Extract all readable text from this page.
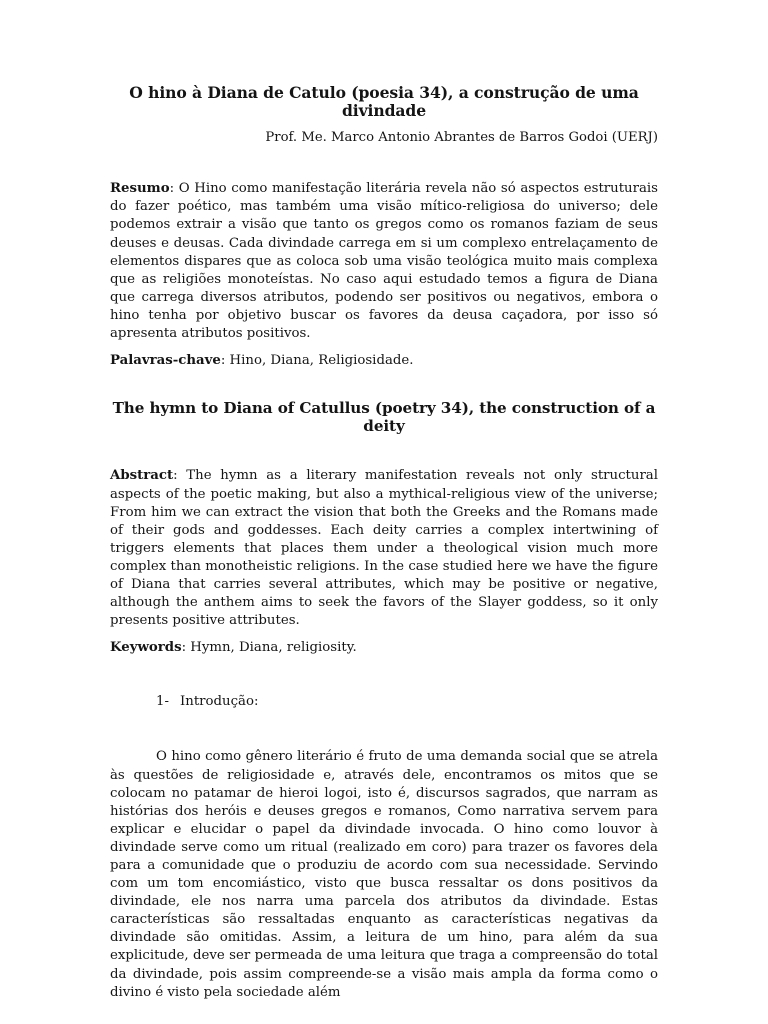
O hino à Diana de Catulo (poesia 34), a construção de uma divindade
Prof. Me. Marco Antonio Abrantes de Barros Godoi (UERJ)

Resumo: O Hino como manifestação literária revela não só aspectos estruturais do fazer poético, mas também uma visão mítico-religiosa do universo; dele podemos extrair a visão que tanto os gregos como os romanos faziam de seus deuses e deusas. Cada divindade carrega em si um complexo entrelaçamento de elementos dispares que as coloca sob uma visão teológica muito mais complexa que as religiões monoteístas. No caso aqui estudado temos a figura de Diana que carrega diversos atributos, podendo ser positivos ou negativos, embora o hino tenha por objetivo buscar os favores da deusa caçadora, por isso só apresenta atributos positivos.

Palavras-chave: Hino, Diana, Religiosidade.

The hymn to Diana of Catullus (poetry 34), the construction of a deity

Abstract: The hymn as a literary manifestation reveals not only structural aspects of the poetic making, but also a mythical-religious view of the universe; From him we can extract the vision that both the Greeks and the Romans made of their gods and goddesses. Each deity carries a complex intertwining of triggers elements that places them under a theological vision much more complex than monotheistic religions. In the case studied here we have the figure of Diana that carries several attributes, which may be positive or negative, although the anthem aims to seek the favors of the Slayer goddess, so it only presents positive attributes.

Keywords: Hymn, Diana, religiosity.

1- Introdução:

O hino como gênero literário é fruto de uma demanda social que se atrela às questões de religiosidade e, através dele, encontramos os mitos que se colocam no patamar de hieroi logoi, isto é, discursos sagrados, que narram as histórias dos heróis e deuses gregos e romanos, Como narrativa servem para explicar e elucidar o papel da divindade invocada. O hino como louvor à divindade serve como um ritual (realizado em coro) para trazer os favores dela para a comunidade que o produziu de acordo com sua necessidade. Servindo com um tom encomiástico, visto que busca ressaltar os dons positivos da divindade, ele nos narra uma parcela dos atributos da divindade. Estas características são ressaltadas enquanto as características negativas da divindade são omitidas. Assim, a leitura de um hino, para além da sua explicitude, deve ser permeada de uma leitura que traga a compreensão do total da divindade, pois assim compreende-se a visão mais ampla da forma como o divino é visto pela sociedade além
